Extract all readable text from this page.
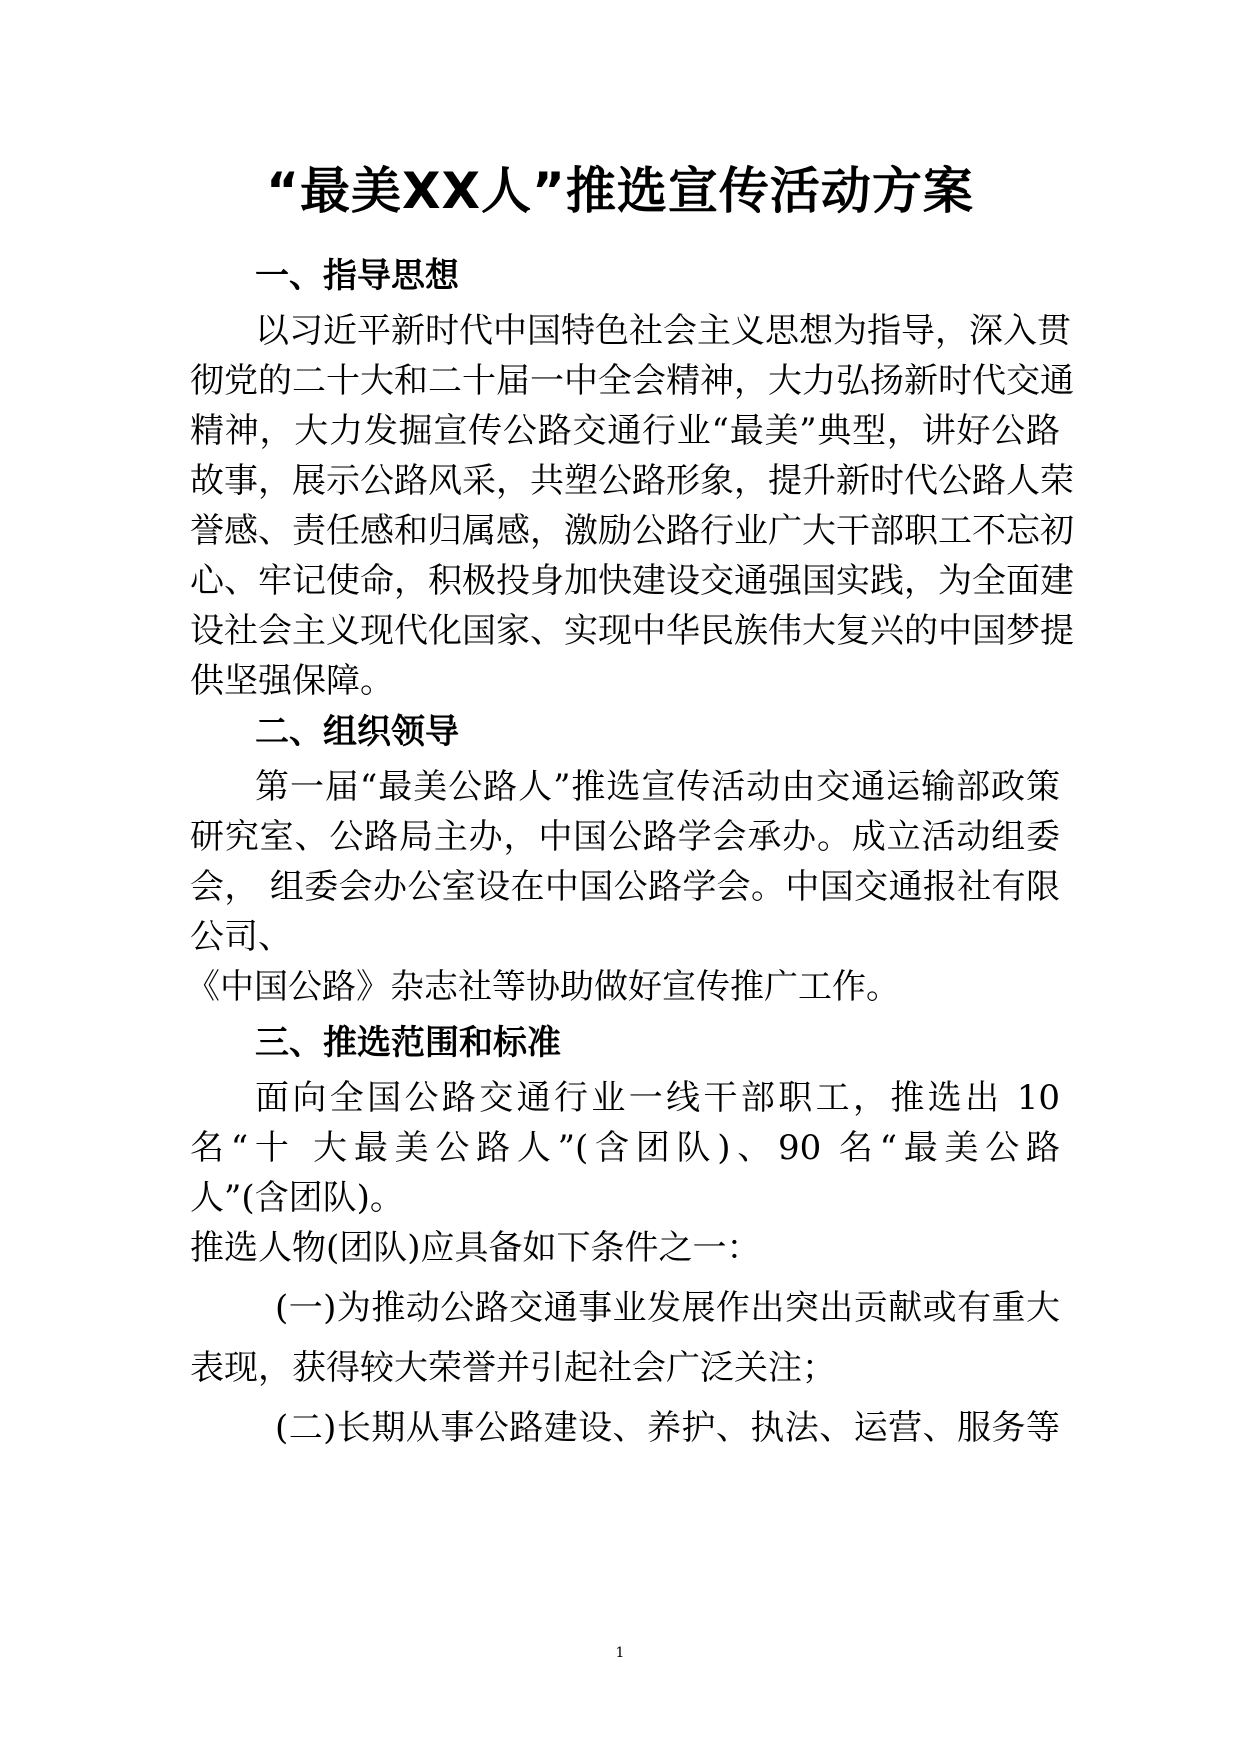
“最美XX人”推选宣传活动方案
一、指导思想
以习近平新时代中国特色社会主义思想为指导，深入贯
彻党的二十大和二十届一中全会精神，大力弘扬新时代交通
精神，大力发掘宣传公路交通行业“最美”典型，讲好公路
故事，展示公路风采，共塑公路形象，提升新时代公路人荣
誉感、责任感和归属感，激励公路行业广大干部职工不忘初
心、牢记使命，积极投身加快建设交通强国实践，为全面建
设社会主义现代化国家、实现中华民族伟大复兴的中国梦提
供坚强保障。
二、组织领导
第一届“最美公路人”推选宣传活动由交通运输部政策
研究室、公路局主办，中国公路学会承办。成立活动组委
会， 组委会办公室设在中国公路学会。中国交通报社有限
公司、
《中国公路》杂志社等协助做好宣传推广工作。
三、推选范围和标准
面向全国公路交通行业一线干部职工，推选出 10
名“十 大最美公路人”(含团队)、90 名“最美公路
人”(含团队)。
推选人物(团队)应具备如下条件之一：
(一)为推动公路交通事业发展作出突出贡献或有重大
表现，获得较大荣誉并引起社会广泛关注；
(二)长期从事公路建设、养护、执法、运营、服务等
1
